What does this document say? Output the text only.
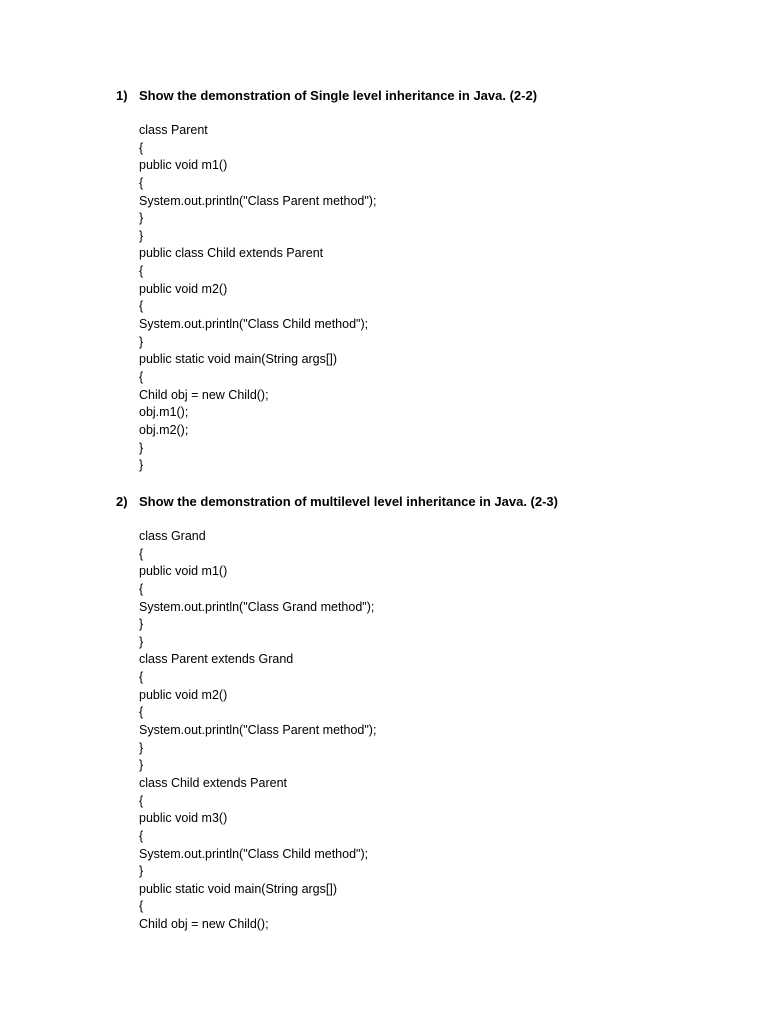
1) Show the demonstration of Single level inheritance in Java. (2-2)
class Parent
{
public void m1()
{
System.out.println("Class Parent method");
}
}
public class Child extends Parent
{
public void m2()
{
System.out.println("Class Child method");
}
public static void main(String args[])
{
Child obj = new Child();
obj.m1();
obj.m2();
}
}
2) Show the demonstration of multilevel level inheritance in Java. (2-3)
class Grand
{
public void m1()
{
System.out.println("Class Grand method");
}
}
class Parent extends Grand
{
public void m2()
{
System.out.println("Class Parent method");
}
}
class Child extends Parent
{
public void m3()
{
System.out.println("Class Child method");
}
public static void main(String args[])
{
Child obj = new Child();
